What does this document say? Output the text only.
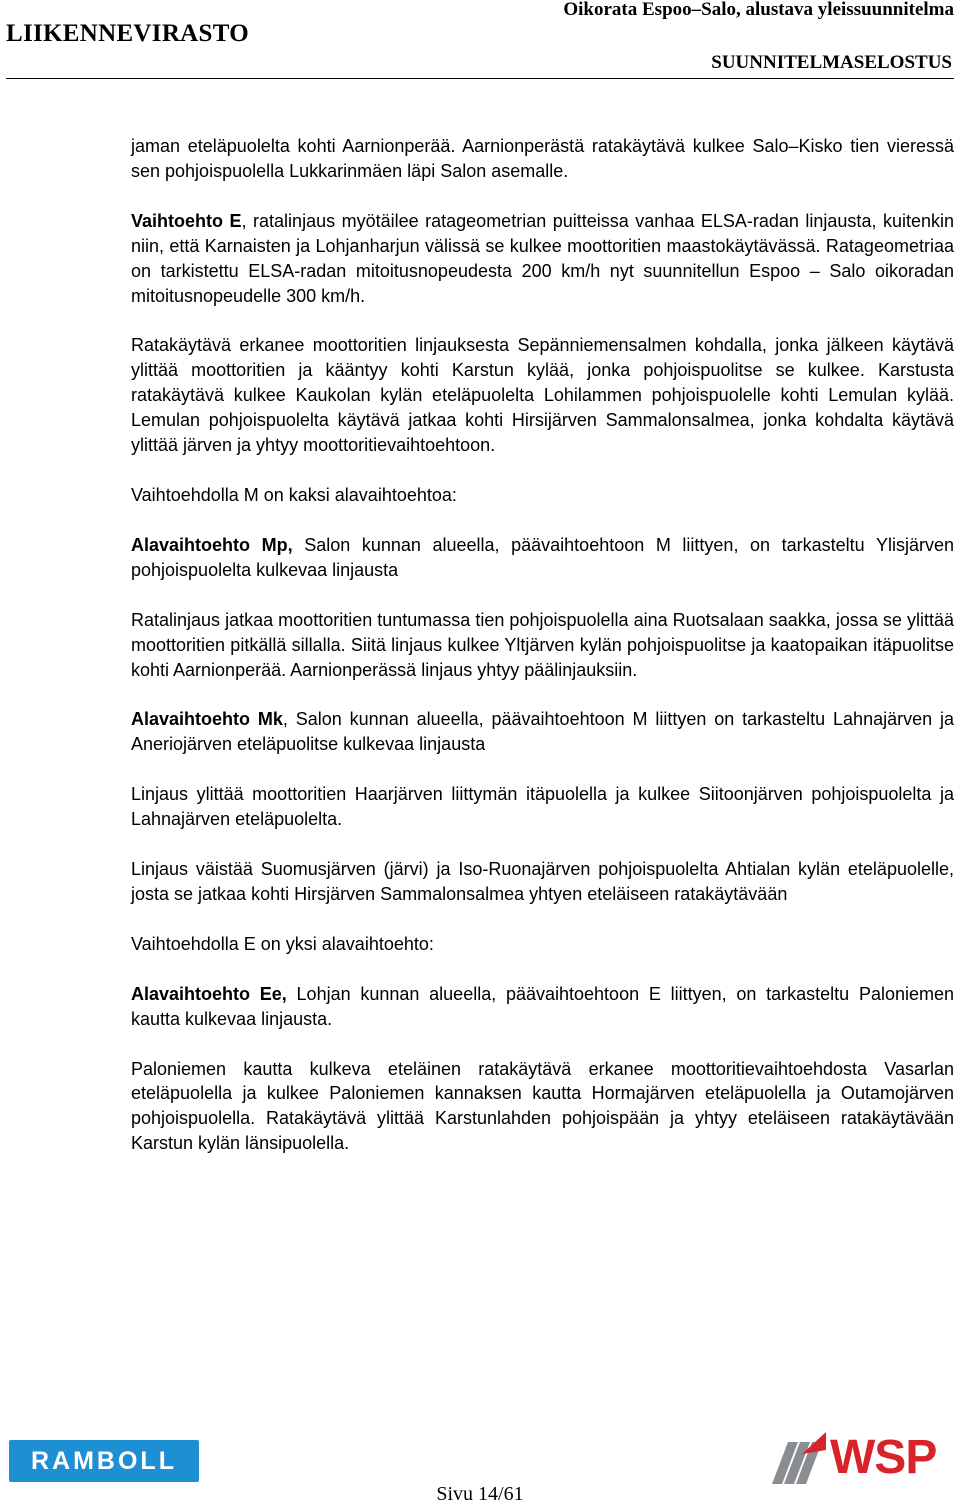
LIIKENNEVIRASTO
Oikorata Espoo–Salo, alustava yleissuunnitelma
SUUNNITELMASELOSTUS

jaman eteläpuolelta kohti Aarnionperää. Aarnionperästä ratakäytävä kulkee Salo–Kisko tien vieressä sen pohjoispuolella Lukkarinmäen läpi Salon asemalle.

Vaihtoehto E, ratalinjaus myötäilee ratageometrian puitteissa vanhaa ELSA-radan linjausta, kuitenkin niin, että Karnaisten ja Lohjanharjun välissä se kulkee moottoritien maastokäytävässä. Ratageometriaa on tarkistettu ELSA-radan mitoitusnopeudesta 200 km/h nyt suunnitellun Espoo – Salo oikoradan mitoitusnopeudelle 300 km/h.

Ratakäytävä erkanee moottoritien linjauksesta Sepänniemensalmen kohdalla, jonka jälkeen käytävä ylittää moottoritien ja kääntyy kohti Karstun kylää, jonka pohjoispuolitse se kulkee. Karstusta ratakäytävä kulkee Kaukolan kylän eteläpuolelta Lohilammen pohjoispuolelle kohti Lemulan kylää. Lemulan pohjoispuolelta käytävä jatkaa kohti Hirsijärven Sammalonsalmea, jonka kohdalta käytävä ylittää järven ja yhtyy moottoritievaihtoehtoon.

Vaihtoehdolla M on kaksi alavaihtoehtoa:

Alavaihtoehto Mp, Salon kunnan alueella, päävaihtoehtoon M liittyen, on tarkasteltu Ylisjärven pohjoispuolelta kulkevaa linjausta

Ratalinjaus jatkaa moottoritien tuntumassa tien pohjoispuolella aina Ruotsalaan saakka, jossa se ylittää moottoritien pitkällä sillalla. Siitä linjaus kulkee Yltjärven kylän pohjoispuolitse ja kaatopaikan itäpuolitse kohti Aarnionperää. Aarnionperässä linjaus yhtyy päälinjauksiin.

Alavaihtoehto Mk, Salon kunnan alueella, päävaihtoehtoon M liittyen on tarkasteltu Lahnajärven ja Aneriojärven eteläpuolitse kulkevaa linjausta

Linjaus ylittää moottoritien Haarjärven liittymän itäpuolella ja kulkee Siitoonjärven pohjoispuolelta ja Lahnajärven eteläpuolelta.

Linjaus väistää Suomusjärven (järvi) ja Iso-Ruonajärven pohjoispuolelta Ahtialan kylän eteläpuolelle, josta se jatkaa kohti Hirsjärven Sammalonsalmea yhtyen eteläiseen ratakäytävään

Vaihtoehdolla E on yksi alavaihtoehto:

Alavaihtoehto Ee, Lohjan kunnan alueella, päävaihtoehtoon E liittyen, on tarkasteltu Paloniemen kautta kulkevaa linjausta.

Paloniemen kautta kulkeva eteläinen ratakäytävä erkanee moottoritievaihtoehdosta Vasarlan eteläpuolella ja kulkee Paloniemen kannaksen kautta Hormajärven eteläpuolella ja Outamojärven pohjoispuolella. Ratakäytävä ylittää Karstunlahden pohjoispään ja yhtyy eteläiseen ratakäytävään Karstun kylän länsipuolella.

RAMBOLL	WSP
Sivu 14/61
